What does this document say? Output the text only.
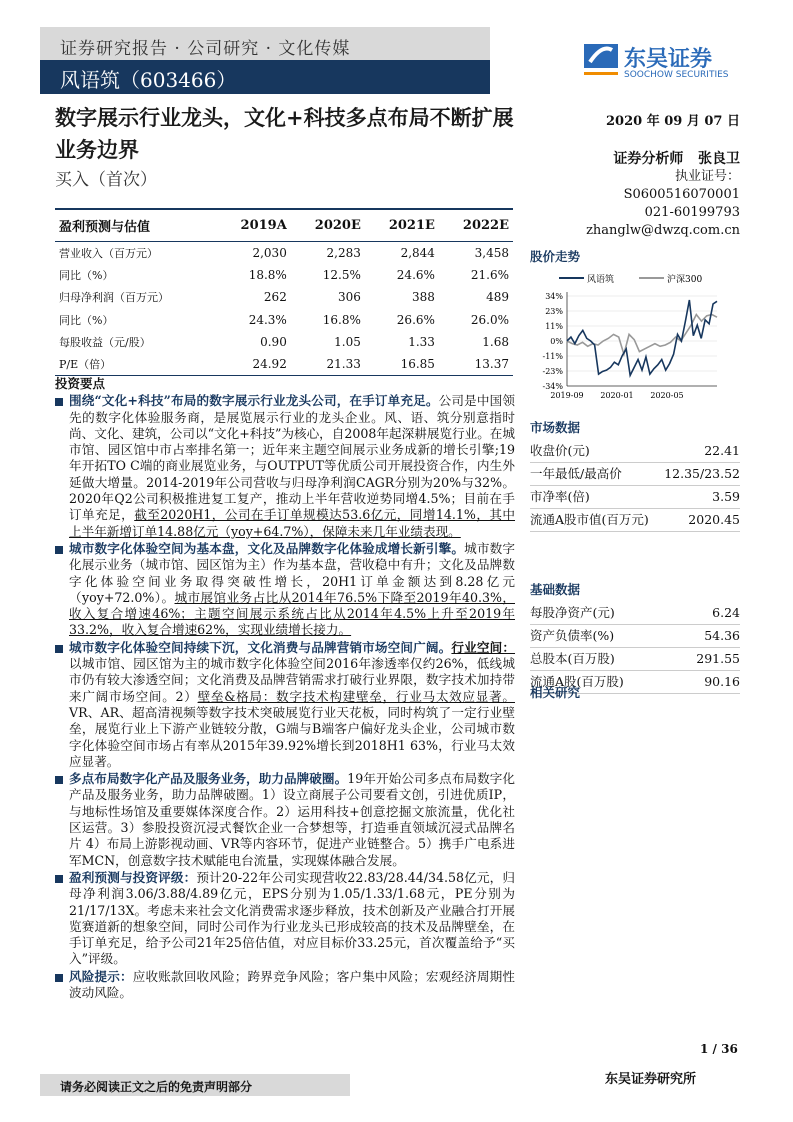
证券研究报告 · 公司研究 · 文化传媒
风语筑（603466）
东吴证券
SOOCHOW SECURITIES
2020 年 09 月 07 日
数字展示行业龙头，文化+科技多点布局不断扩展业务边界
买入（首次）
证券分析师 张良卫
执业证号：S0600516070001
021-60199793
zhanglw@dwzq.com.cn
盈利预测与估值	2019A	2020E	2021E	2022E
营业收入（百万元）	2,030	2,283	2,844	3,458
同比（%）	18.8%	12.5%	24.6%	21.6%
归母净利润（百万元）	262	306	388	489
同比（%）	24.3%	16.8%	26.6%	26.0%
每股收益（元/股）	0.90	1.05	1.33	1.68
P/E（倍）	24.92	21.33	16.85	13.37
投资要点
围绕“文化+科技”布局的数字展示行业龙头公司，在手订单充足。公司是中国领先的数字化体验服务商，是展览展示行业的龙头企业。风、语、筑分别意指时尚、文化、建筑，公司以“文化+科技”为核心，自2008年起深耕展览行业。在城市馆、园区馆中市占率排名第一；近年来主题空间展示业务成新的增长引擎;19年开拓TO C端的商业展览业务，与OUTPUT等优质公司开展投资合作，内生外延做大增量。2014-2019年公司营收与归母净利润CAGR分别为20%与32%。2020年Q2公司积极推进复工复产，推动上半年营收逆势同增4.5%；目前在手订单充足，截至2020H1，公司在手订单规模达53.6亿元，同增14.1%，其中上半年新增订单14.88亿元（yoy+64.7%），保障未来几年业绩表现。
城市数字化体验空间为基本盘，文化及品牌数字化体验成增长新引擎。城市数字化展示业务（城市馆、园区馆为主）作为基本盘，营收稳中有升；文化及品牌数字化体验空间业务取得突破性增长，20H1订单金额达到8.28亿元（yoy+72.0%）。城市展馆业务占比从2014年76.5%下降至2019年40.3%，收入复合增速46%；主题空间展示系统占比从2014年4.5%上升至2019年33.2%，收入复合增速62%，实现业绩增长接力。
城市数字化体验空间持续下沉，文化消费与品牌营销市场空间广阔。行业空间：以城市馆、园区馆为主的城市数字化体验空间2016年渗透率仅约26%，低线城市仍有较大渗透空间；文化消费及品牌营销需求打破行业界限，数字技术加持带来广阔市场空间。2）壁垒&格局：数字技术构建壁垒，行业马太效应显著。VR、AR、超高清视频等数字技术突破展览行业天花板，同时构筑了一定行业壁垒，展览行业上下游产业链较分散，G端与B端客户偏好龙头企业，公司城市数字化体验空间市场占有率从2015年39.92%增长到2018H1 63%，行业马太效应显著。
多点布局数字化产品及服务业务，助力品牌破圈。19年开始公司多点布局数字化产品及服务业务，助力品牌破圈。1）设立商展子公司要看文创，引进优质IP，与地标性场馆及重要媒体深度合作。2）运用科技+创意挖掘文旅流量，优化社区运营。3）参股投资沉浸式餐饮企业一合梦想等，打造垂直领域沉浸式品牌名片 4）布局上游影视动画、VR等内容环节，促进产业链整合。5）携手广电系进军MCN，创意数字技术赋能电台流量，实现媒体融合发展。
盈利预测与投资评级：预计20-22年公司实现营收22.83/28.44/34.58亿元，归母净利润3.06/3.88/4.89亿元，EPS分别为1.05/1.33/1.68元，PE分别为21/17/13X。考虑未来社会文化消费需求逐步释放，技术创新及产业融合打开展览赛道新的想象空间，同时公司作为行业龙头已形成较高的技术及品牌壁垒，在手订单充足，给予公司21年25倍估值，对应目标价33.25元，首次覆盖给予“买入”评级。
风险提示：应收账款回收风险；跨界竞争风险；客户集中风险；宏观经济周期性波动风险。
股价走势
风语筑	沪深300
34%
23%
11%
0%
-11%
-23%
-34%
2019-09 2020-01 2020-05
市场数据
收盘价(元)	22.41
一年最低/最高价	12.35/23.52
市净率(倍)	3.59
流通A股市值(百万元)	2020.45
基础数据
每股净资产(元)	6.24
资产负债率(%)	54.36
总股本(百万股)	291.55
流通A股(百万股)	90.16
相关研究
1 / 36
请务必阅读正文之后的免责声明部分	东吴证券研究所
